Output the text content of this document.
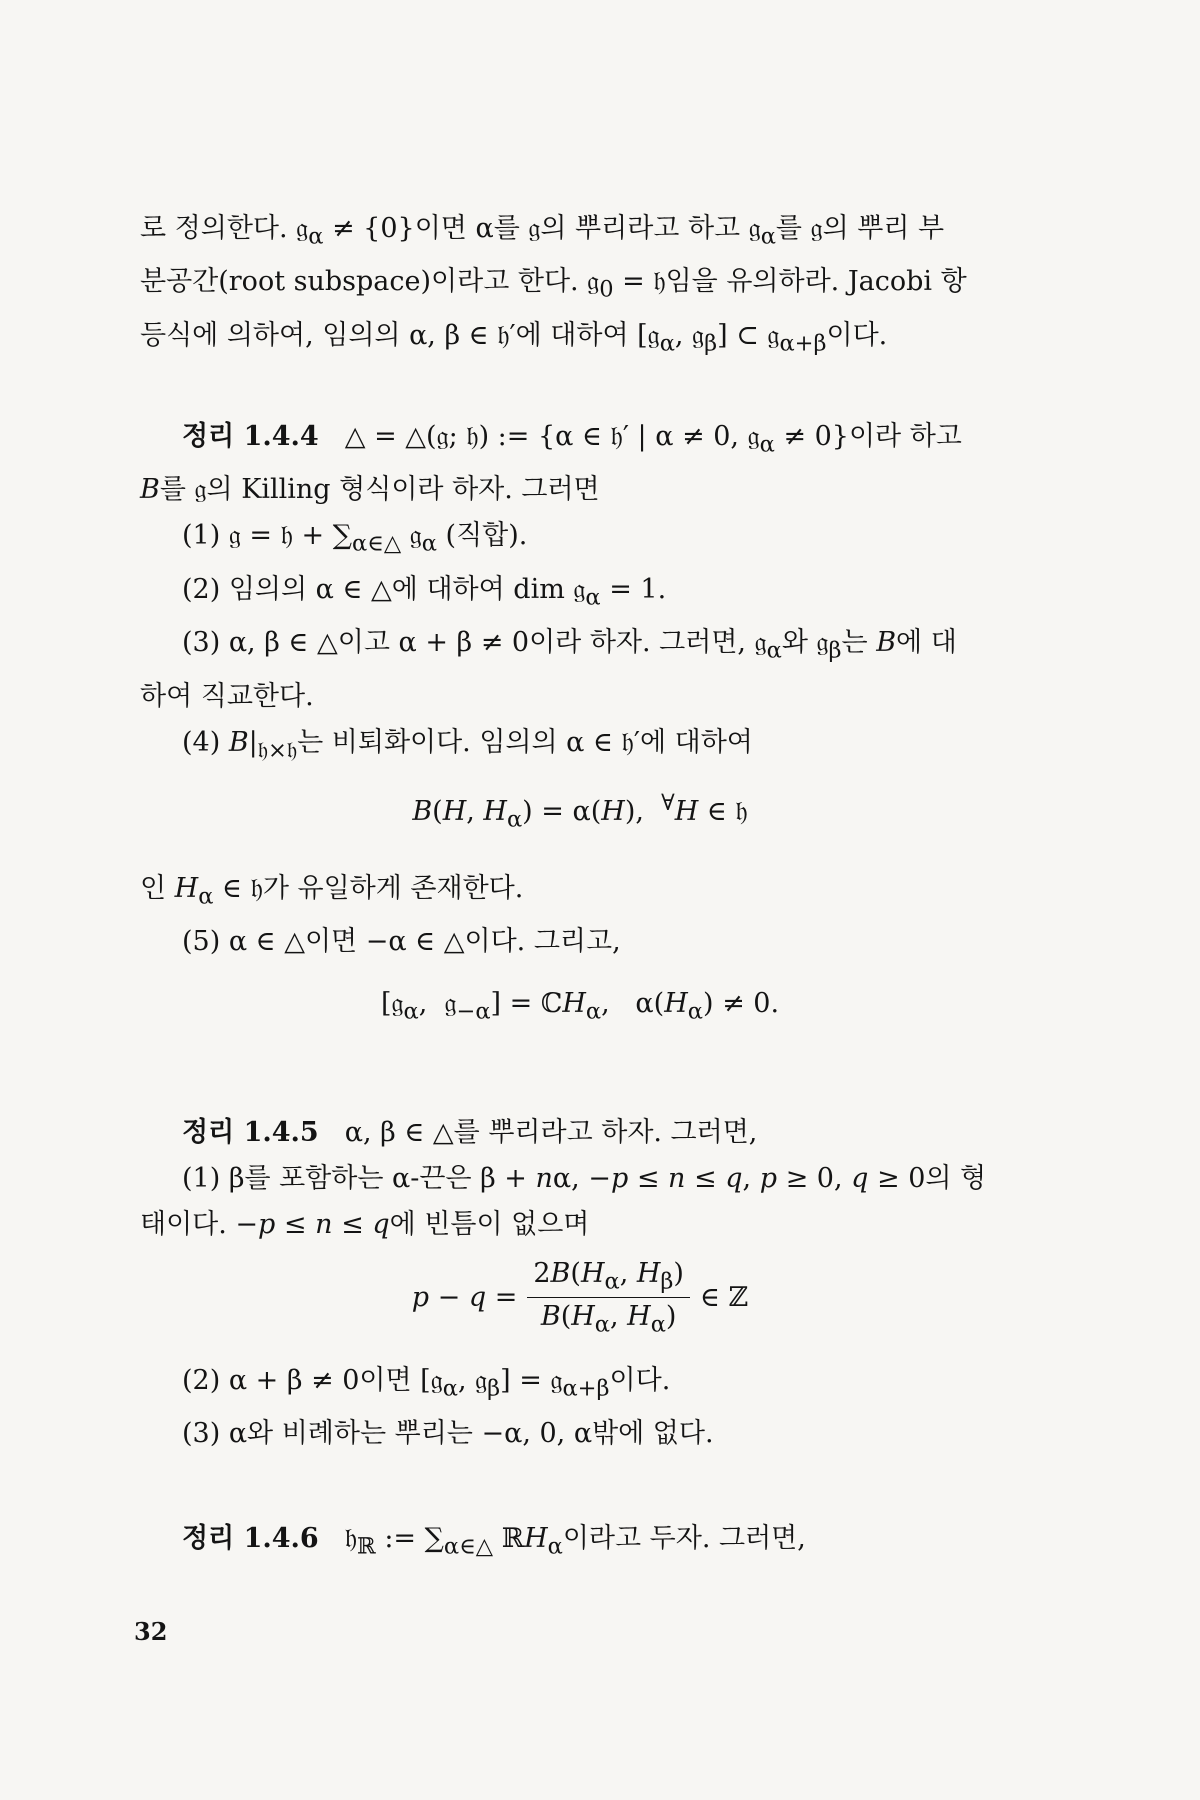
로 정의한다. 𝔤$_\alpha$ ≠ {0}이면 α를 𝔤의 뿌리라고 하고 𝔤$_\alpha$를 𝔤의 뿌리 부
분공간(root subspace)이라고 한다. 𝔤$_0$ = 𝔥임을 유의하라. Jacobi 항
등식에 의하여, 임의의 α, β ∈ 𝔥′에 대하여 [𝔤$_\alpha$, 𝔤$_\beta$] ⊂ 𝔤$_{\alpha+\beta}$이다.
정리 1.4.4 △ = △(𝔤; 𝔥) := {α ∈ 𝔥′ | α ≠ 0, 𝔤$_\alpha$ ≠ 0}이라 하고
B를 𝔤의 Killing 형식이라 하자. 그러면
(1) 𝔤 = 𝔥 + $\sum_{\alpha\in\triangle}$ 𝔤$_\alpha$ (직합).
(2) 임의의 α ∈ △에 대하여 dim 𝔤$_\alpha$ = 1.
(3) α, β ∈ △이고 α + β ≠ 0이라 하자. 그러면, 𝔤$_\alpha$와 𝔤$_\beta$는 B에 대
하여 직교한다.
(4) $B|_{𝔥\times 𝔥}$는 비퇴화이다. 임의의 α ∈ 𝔥′에 대하여
B(H, $H_\alpha) = \alpha(H)$,  ∀H ∈ 𝔥
인 $H_\alpha$ ∈ 𝔥가 유일하게 존재한다.
(5) α ∈ △이면 −α ∈ △이다. 그리고,
[𝔤$_\alpha$,  𝔤$_{-\alpha}$] = ℂH$_\alpha$,   $\alpha(H_\alpha) \ne 0$.
정리 1.4.5 α, β ∈ △를 뿌리라고 하자. 그러면,
(1) β를 포함하는 α-끈은 β + nα, −p ≤ n ≤ q, p ≥ 0, q ≥ 0의 형
태이다. −p ≤ n ≤ q에 빈틈이 없으며
$p - q = \frac{2B(H_\alpha, H_\beta)}{B(H_\alpha, H_\alpha)}$ ∈ ℤ
(2) α + β ≠ 0이면 [𝔤$_\alpha$, 𝔤$_\beta$] = 𝔤$_{\alpha+\beta}$이다.
(3) α와 비례하는 뿌리는 −α, 0, α밖에 없다.
정리 1.4.6 𝔥$_ℝ$ := $\sum_{\alpha\in\triangle}$ ℝH$_\alpha$이라고 두자. 그러면,
32
